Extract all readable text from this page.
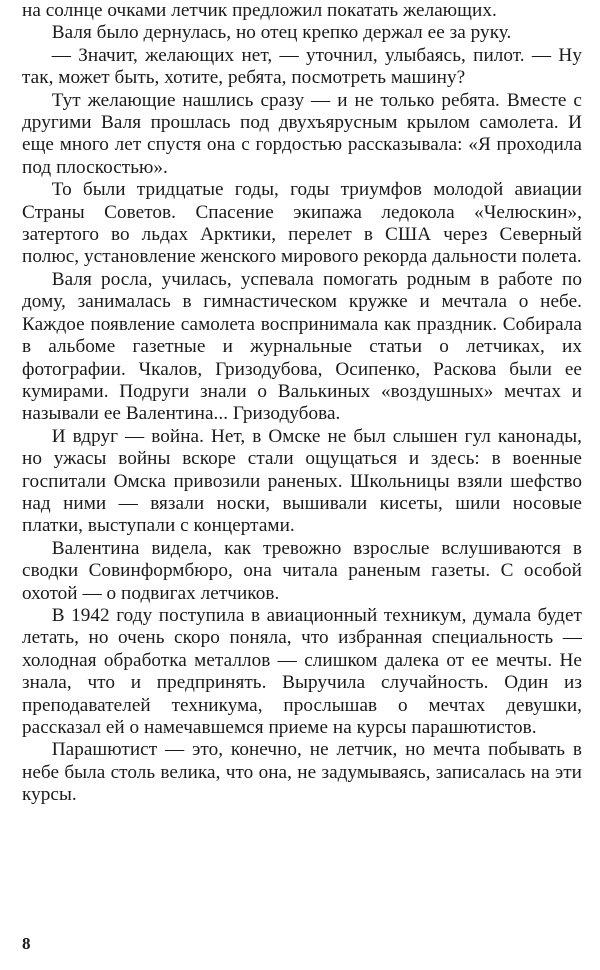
на солнце очками летчик предложил покатать желающих.

Валя было дернулась, но отец крепко держал ее за руку.

— Значит, желающих нет, — уточнил, улыбаясь, пилот. — Ну так, может быть, хотите, ребята, посмотреть машину?

Тут желающие нашлись сразу — и не только ребята. Вместе с другими Валя прошлась под двухъярусным крылом самолета. И еще много лет спустя она с гордостью рассказывала: «Я проходила под плоскостью».

То были тридцатые годы, годы триумфов молодой авиации Страны Советов. Спасение экипажа ледокола «Челюскин», затертого во льдах Арктики, перелет в США через Северный полюс, установление женского мирового рекорда дальности полета.

Валя росла, училась, успевала помогать родным в работе по дому, занималась в гимнастическом кружке и мечтала о небе. Каждое появление самолета воспринимала как праздник. Собирала в альбоме газетные и журнальные статьи о летчиках, их фотографии. Чкалов, Гризодубова, Осипенко, Раскова были ее кумирами. Подруги знали о Валькиных «воздушных» мечтах и называли ее Валентина... Гризодубова.

И вдруг — война. Нет, в Омске не был слышен гул канонады, но ужасы войны вскоре стали ощущаться и здесь: в военные госпитали Омска привозили раненых. Школьницы взяли шефство над ними — вязали носки, вышивали кисеты, шили носовые платки, выступали с концертами.

Валентина видела, как тревожно взрослые вслушиваются в сводки Совинформбюро, она читала раненым газеты. С особой охотой — о подвигах летчиков.

В 1942 году поступила в авиационный техникум, думала будет летать, но очень скоро поняла, что избранная специальность — холодная обработка металлов — слишком далека от ее мечты. Не знала, что и предпринять. Выручила случайность. Один из преподавателей техникума, прослышав о мечтах девушки, рассказал ей о намечавшемся приеме на курсы парашютистов.

Парашютист — это, конечно, не летчик, но мечта побывать в небе была столь велика, что она, не задумываясь, записалась на эти курсы.

8
